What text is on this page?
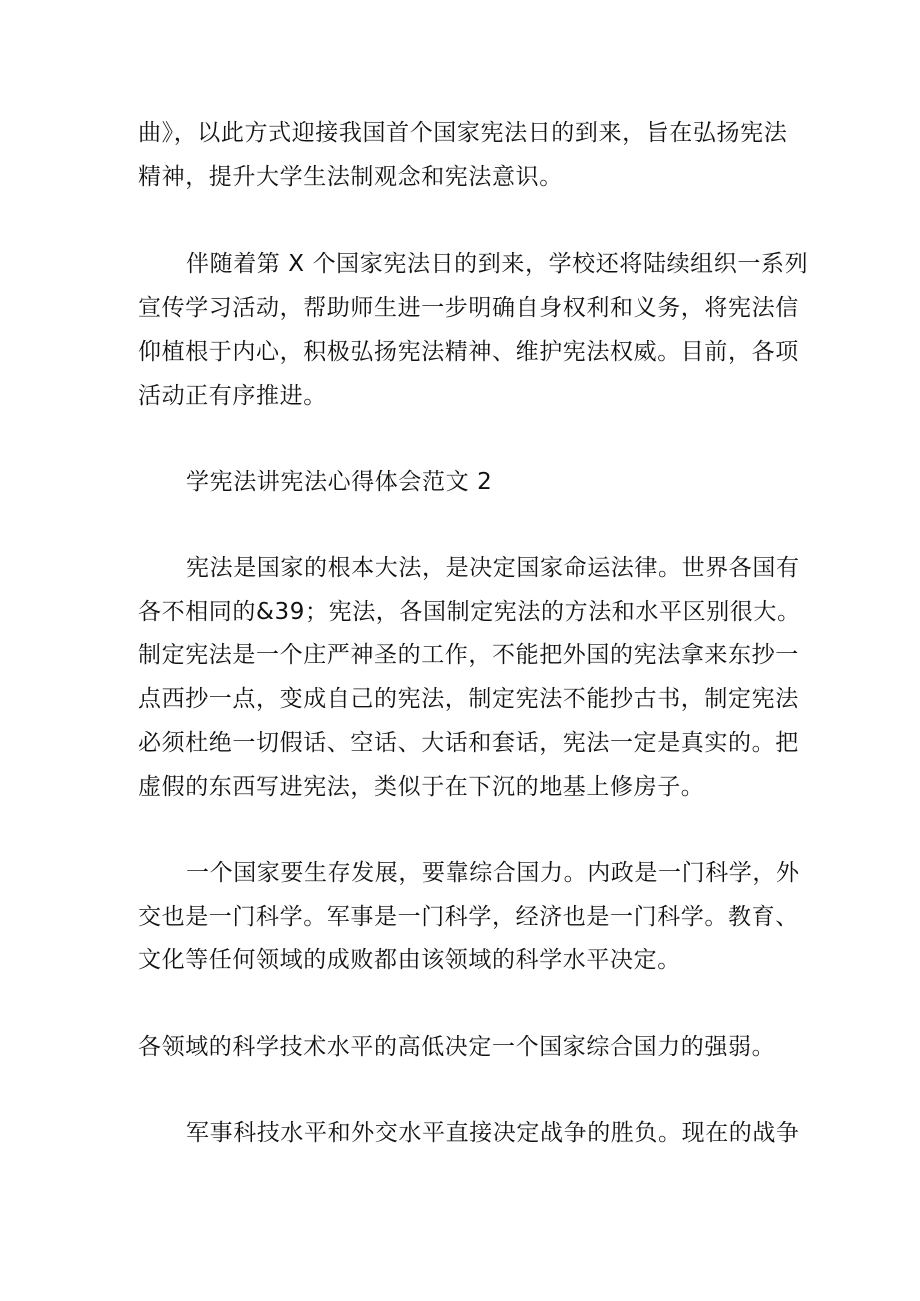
曲》，以此方式迎接我国首个国家宪法日的到来，旨在弘扬宪法
精神，提升大学生法制观念和宪法意识。
伴随着第 X 个国家宪法日的到来，学校还将陆续组织一系列
宣传学习活动，帮助师生进一步明确自身权利和义务，将宪法信
仰植根于内心，积极弘扬宪法精神、维护宪法权威。目前，各项
活动正有序推进。
学宪法讲宪法心得体会范文 2
宪法是国家的根本大法，是决定国家命运法律。世界各国有
各不相同的&39；宪法，各国制定宪法的方法和水平区别很大。
制定宪法是一个庄严神圣的工作，不能把外国的宪法拿来东抄一
点西抄一点，变成自己的宪法，制定宪法不能抄古书，制定宪法
必须杜绝一切假话、空话、大话和套话，宪法一定是真实的。把
虚假的东西写进宪法，类似于在下沉的地基上修房子。
一个国家要生存发展，要靠综合国力。内政是一门科学，外
交也是一门科学。军事是一门科学，经济也是一门科学。教育、
文化等任何领域的成败都由该领域的科学水平决定。
各领域的科学技术水平的高低决定一个国家综合国力的强弱。
军事科技水平和外交水平直接决定战争的胜负。现在的战争
